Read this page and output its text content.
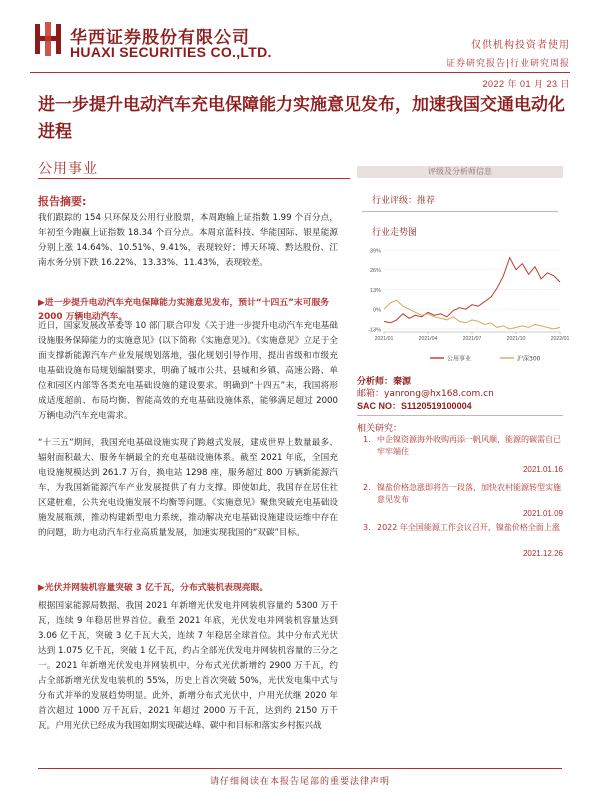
华西证券股份有限公司
HUAXI SECURITIES CO.,LTD.	仅供机构投资者使用
证券研究报告|行业研究周报
2022 年 01 月 23 日
进一步提升电动汽车充电保障能力实施意见发布，加速我国交通电动化进程
公用事业
报告摘要:
我们跟踪的 154 只环保及公用行业股票，本周跑输上证指数 1.99 个百分点，年初至今跑赢上证指数 18.34 个百分点。本周京蓝科技、华能国际、银星能源分别上涨 14.64%、10.51%、9.41%，表现较好；博天环境、黔达股份、江南水务分别下跌 16.22%、13.33%、11.43%，表现较差。
▶进一步提升电动汽车充电保障能力实施意见发布，预计“十四五”末可服务 2000 万辆电动汽车。
近日，国家发展改革委等 10 部门联合印发《关于进一步提升电动汽车充电基础设施服务保障能力的实施意见》(以下简称《实施意见》)。《实施意见》立足于全面支撑新能源汽车产业发展规划落地，强化规划引导作用，提出省级和市级充电基础设施布局规划编制要求，明确了城市公共、县城和乡镇、高速公路、单位和园区内部等各类充电基础设施的建设要求。明确到“十四五”末，我国将形成适度超前、布局均衡、智能高效的充电基础设施体系，能够满足超过 2000 万辆电动汽车充电需求。
“十三五”期间，我国充电基础设施实现了跨越式发展，建成世界上数量最多、辐射面积最大、服务车辆最全的充电基础设施体系。截至 2021 年底，全国充电设施规模达到 261.7 万台，换电站 1298 座，服务超过 800 万辆新能源汽车，为我国新能源汽车产业发展提供了有力支撑。即使如此，我国存在居住社区建桩难，公共充电设施发展不均衡等问题。《实施意见》聚焦突破充电基础设施发展瓶颈，推动构建新型电力系统，推动解决充电基础设施建设运维中存在的问题，助力电动汽车行业高质量发展，加速实现我国的“双碳”目标。
▶光伏并网装机容量突破 3 亿千瓦，分布式装机表现亮眼。
根据国家能源局数据，我国 2021 年新增光伏发电并网装机容量约 5300 万千瓦，连续 9 年稳居世界首位。截至 2021 年底，光伏发电并网装机容量达到 3.06 亿千瓦，突破 3 亿千瓦大关，连续 7 年稳居全球首位。其中分布式光伏达到 1.075 亿千瓦，突破 1 亿千瓦，约占全部光伏发电并网装机容量的三分之一。2021 年新增光伏发电并网装机中，分布式光伏新增约 2900 万千瓦，约占全部新增光伏发电装机的 55%，历史上首次突破 50%，光伏发电集中式与分布式并举的发展趋势明显。此外，新增分布式光伏中，户用光伏继 2020 年首次超过 1000 万千瓦后，2021 年超过 2000 万千瓦，达到约 2150 万千瓦。户用光伏已经成为我国如期实现碳达峰、碳中和目标和落实乡村振兴战
评级及分析师信息
行业评级：推荐
行业走势图
39%
26%
13%
0%
-13%
2021/01	2021/04	2021/07	2021/10	2022/01
公用事业	沪深300
分析师：秦源
邮箱：yanrong@hx168.com.cn
SAC NO：S1120519100004
相关研究：
1. 中企镍资源海外收购再添一帆风顺，能源的碳需自已牢牢端住
2021.01.16
2. 镍盐价格急涨即将告一段落，加快农村能源转型实施意见发布
2021.01.09
3. 2022 年全国能源工作会议召开，镍盐价格全面上涨
2021.12.26
请仔细阅读在本报告尾部的重要法律声明
